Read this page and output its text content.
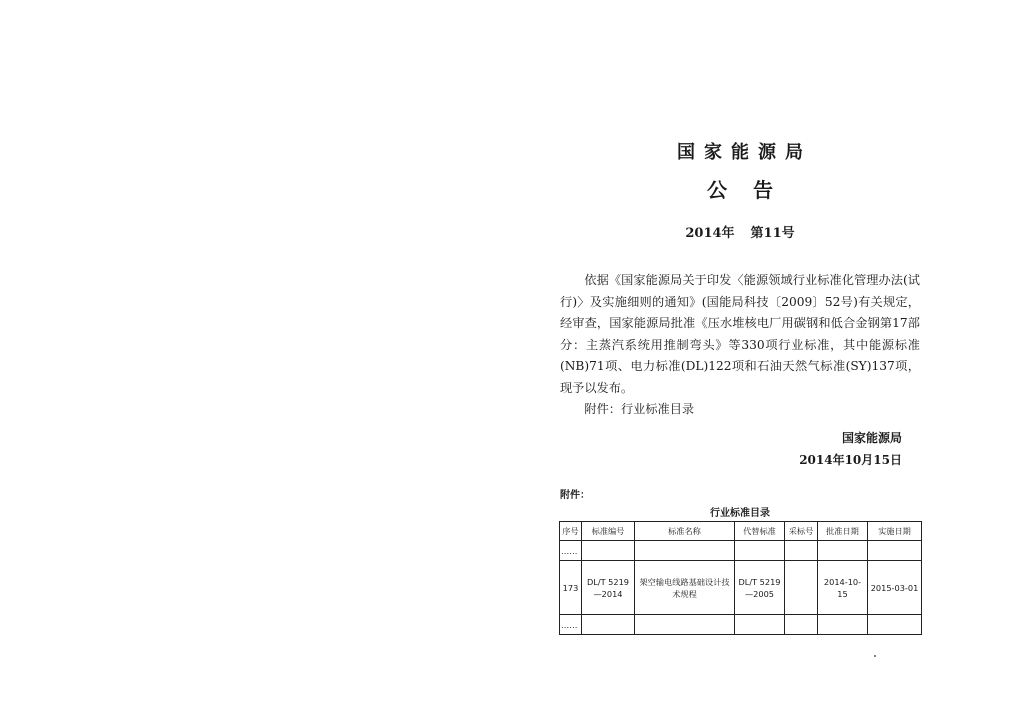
国家能源局
公告
2014年 第11号

依据《国家能源局关于印发〈能源领域行业标准化管理办法(试行)〉及实施细则的通知》(国能局科技〔2009〕52号)有关规定，经审查，国家能源局批准《压水堆核电厂用碳钢和低合金钢第17部分：主蒸汽系统用推制弯头》等330项行业标准，其中能源标准(NB)71项、电力标准(DL)122项和石油天然气标准(SY)137项，现予以发布。

附件：行业标准目录

国家能源局
2014年10月15日
附件：
行业标准目录
序号	标准编号	标准名称	代替标准	采标号	批准日期	实施日期
……						
173	DL/T 5219—2014	架空输电线路基础设计技术规程	DL/T 5219—2005		2014-10-15	2015-03-01
……						
